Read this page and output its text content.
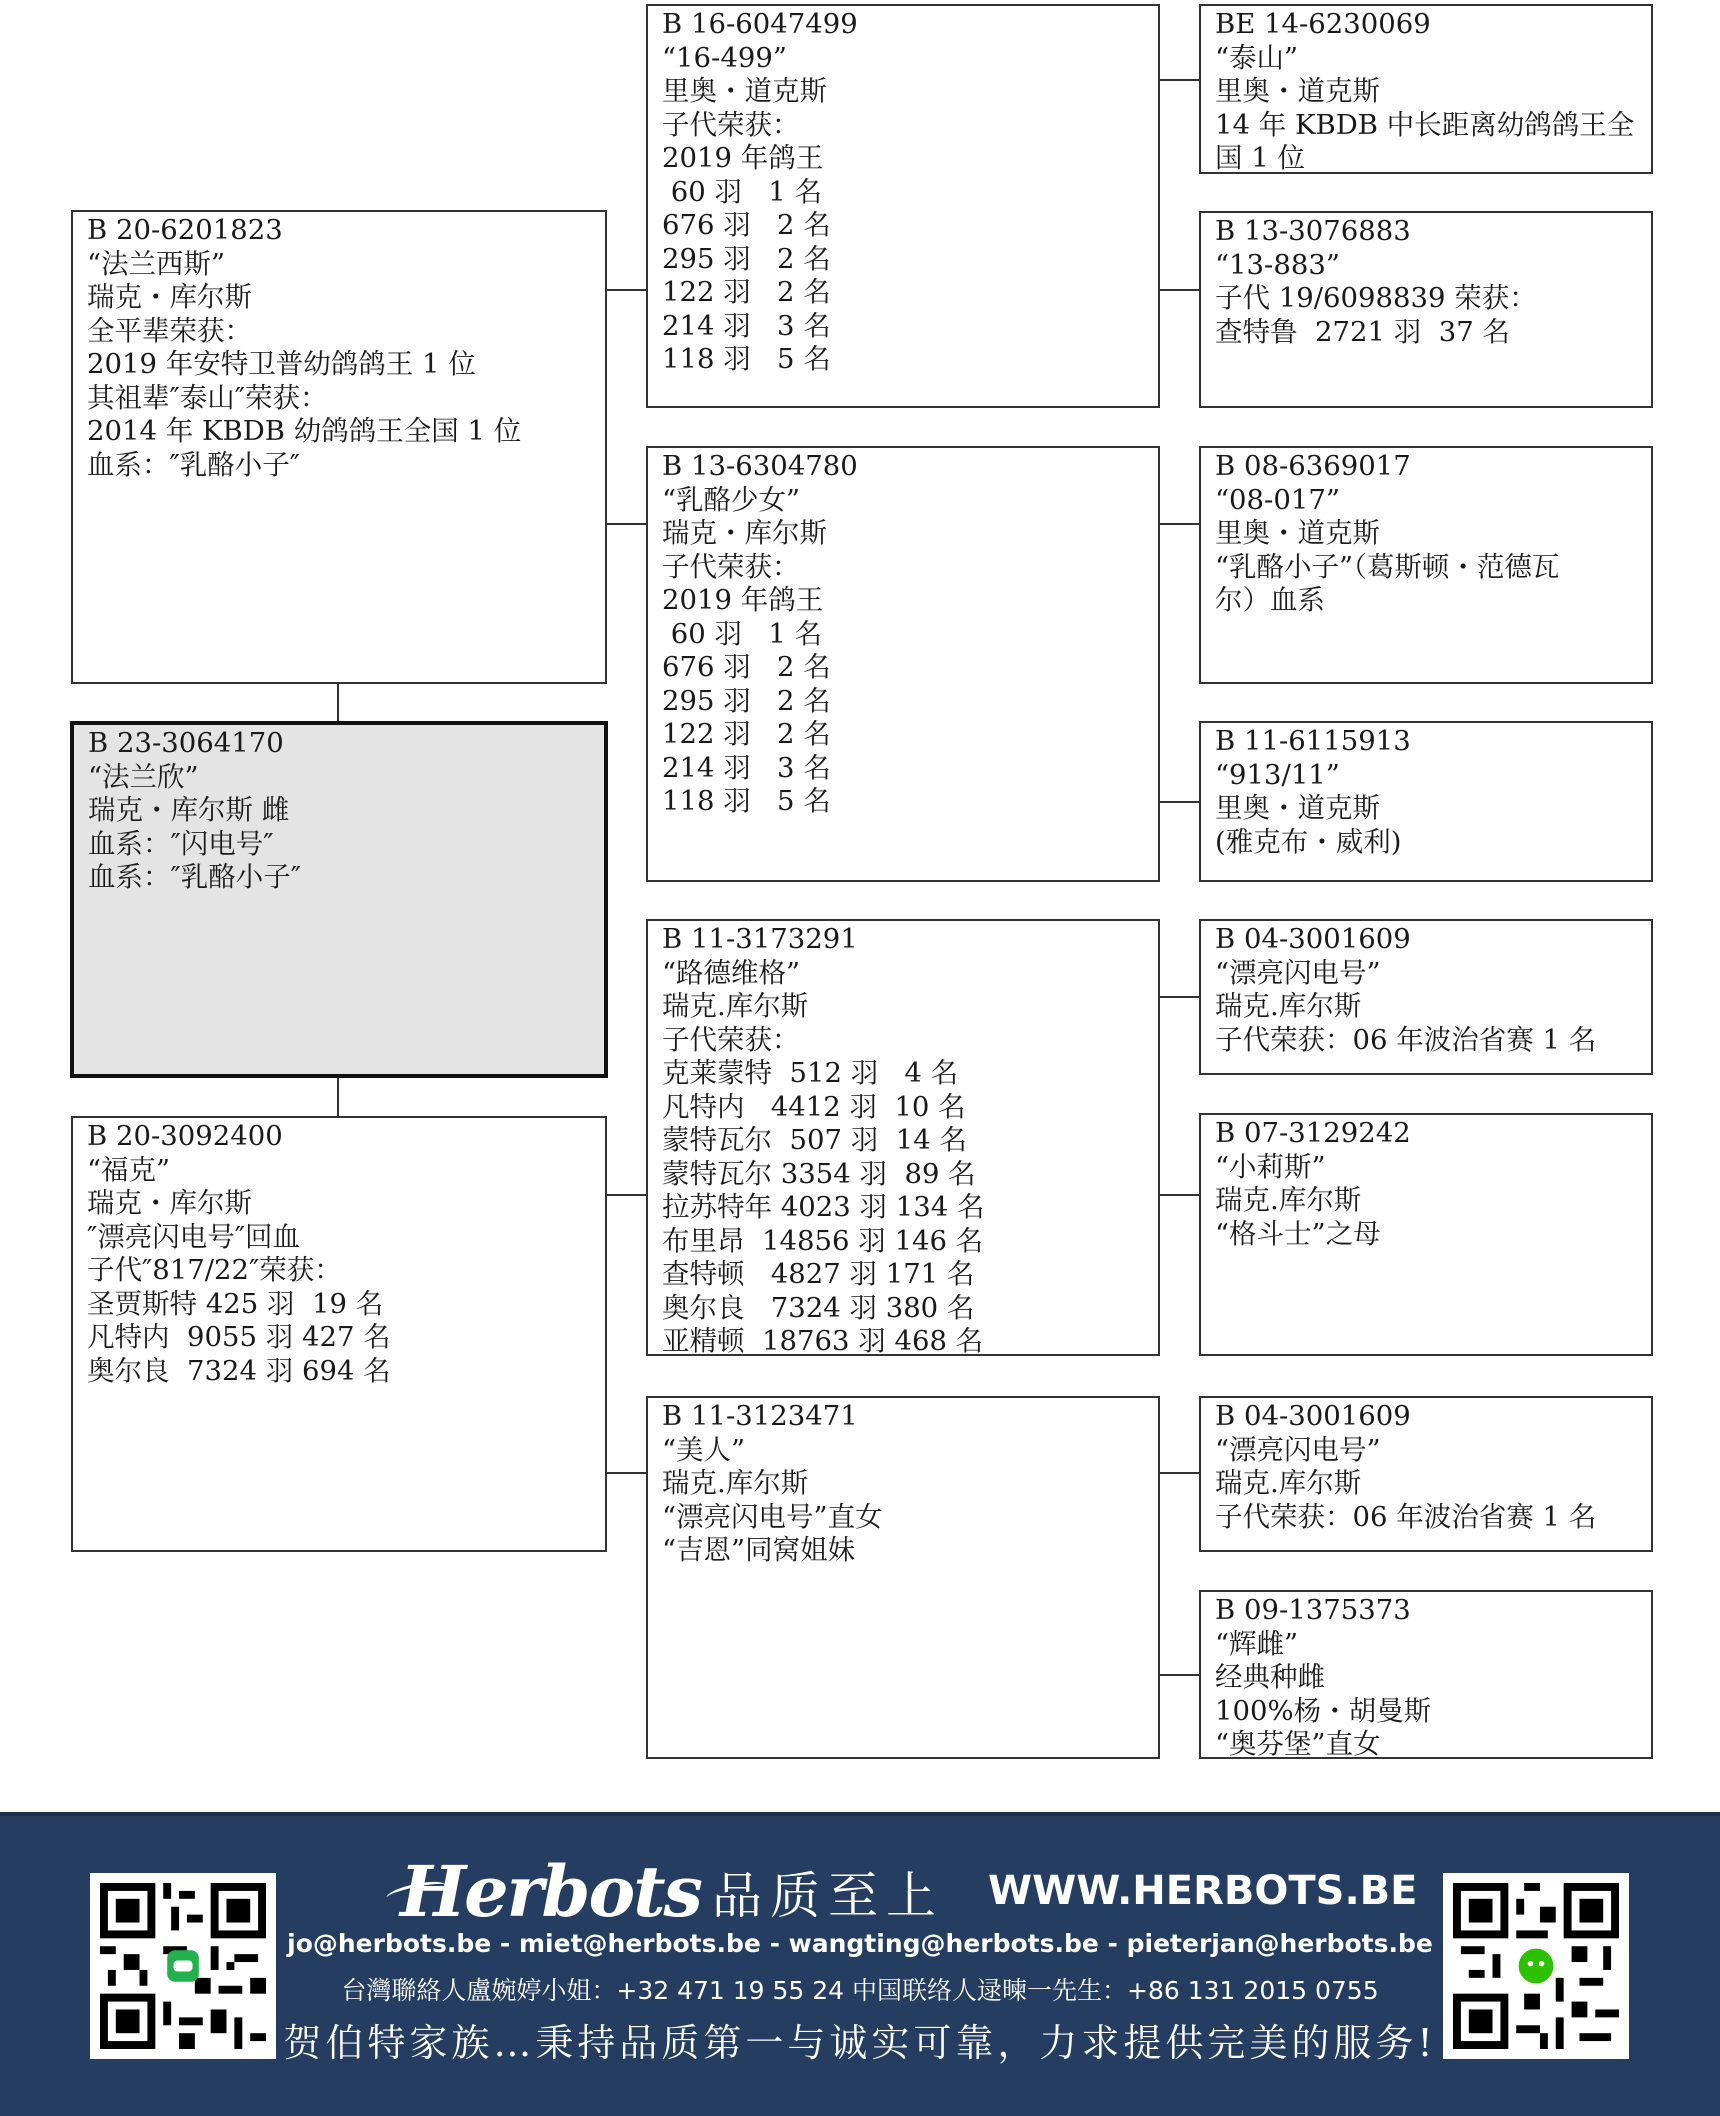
B 20-6201823
“法兰西斯”
瑞克・库尔斯
全平辈荣获：
2019 年安特卫普幼鸽鸽王 1 位
其祖辈″泰山″荣获：
2014 年 KBDB 幼鸽鸽王全国 1 位
血系：″乳酪小子″
B 23-3064170
“法兰欣”
瑞克・库尔斯 雌
血系：″闪电号″
血系：″乳酪小子″
B 20-3092400
“福克”
瑞克・库尔斯
″漂亮闪电号″回血
子代″817/22″荣获：
圣贾斯特 425 羽  19 名
凡特内  9055 羽 427 名
奥尔良  7324 羽 694 名
B 16-6047499
“16-499”
里奥・道克斯
子代荣获：
2019 年鸽王
60 羽   1 名
676 羽   2 名
295 羽   2 名
122 羽   2 名
214 羽   3 名
118 羽   5 名
B 13-6304780
“乳酪少女”
瑞克・库尔斯
子代荣获：
2019 年鸽王
60 羽   1 名
676 羽   2 名
295 羽   2 名
122 羽   2 名
214 羽   3 名
118 羽   5 名
B 11-3173291
“路德维格”
瑞克.库尔斯
子代荣获：
克莱蒙特  512 羽   4 名
凡特内   4412 羽  10 名
蒙特瓦尔  507 羽  14 名
蒙特瓦尔 3354 羽  89 名
拉苏特年 4023 羽 134 名
布里昂  14856 羽 146 名
查特顿   4827 羽 171 名
奥尔良   7324 羽 380 名
亚精顿  18763 羽 468 名
B 11-3123471
“美人”
瑞克.库尔斯
“漂亮闪电号”直女
“吉恩”同窝姐妹
BE 14-6230069
“泰山”
里奥・道克斯
14 年 KBDB 中长距离幼鸽鸽王全
国 1 位
B 13-3076883
“13-883”
子代 19/6098839 荣获：
查特鲁  2721 羽  37 名
B 08-6369017
“08-017”
里奥・道克斯
“乳酪小子”（葛斯顿・范德瓦
尔）血系
B 11-6115913
“913/11”
里奥・道克斯
(雅克布・威利)
B 04-3001609
“漂亮闪电号”
瑞克.库尔斯
子代荣获：06 年波治省赛 1 名
B 07-3129242
“小莉斯”
瑞克.库尔斯
“格斗士”之母
B 04-3001609
“漂亮闪电号”
瑞克.库尔斯
子代荣获：06 年波治省赛 1 名
B 09-1375373
“辉雌”
经典种雌
100%杨・胡曼斯
“奥芬堡”直女
Herbots 品质至上 WWW.HERBOTS.BE
jo@herbots.be - miet@herbots.be - wangting@herbots.be - pieterjan@herbots.be
台灣聯絡人盧婉婷小姐：+32 471 19 55 24 中国联络人逯暕一先生：+86 131 2015 0755
贺伯特家族…秉持品质第一与诚实可靠，力求提供完美的服务!
